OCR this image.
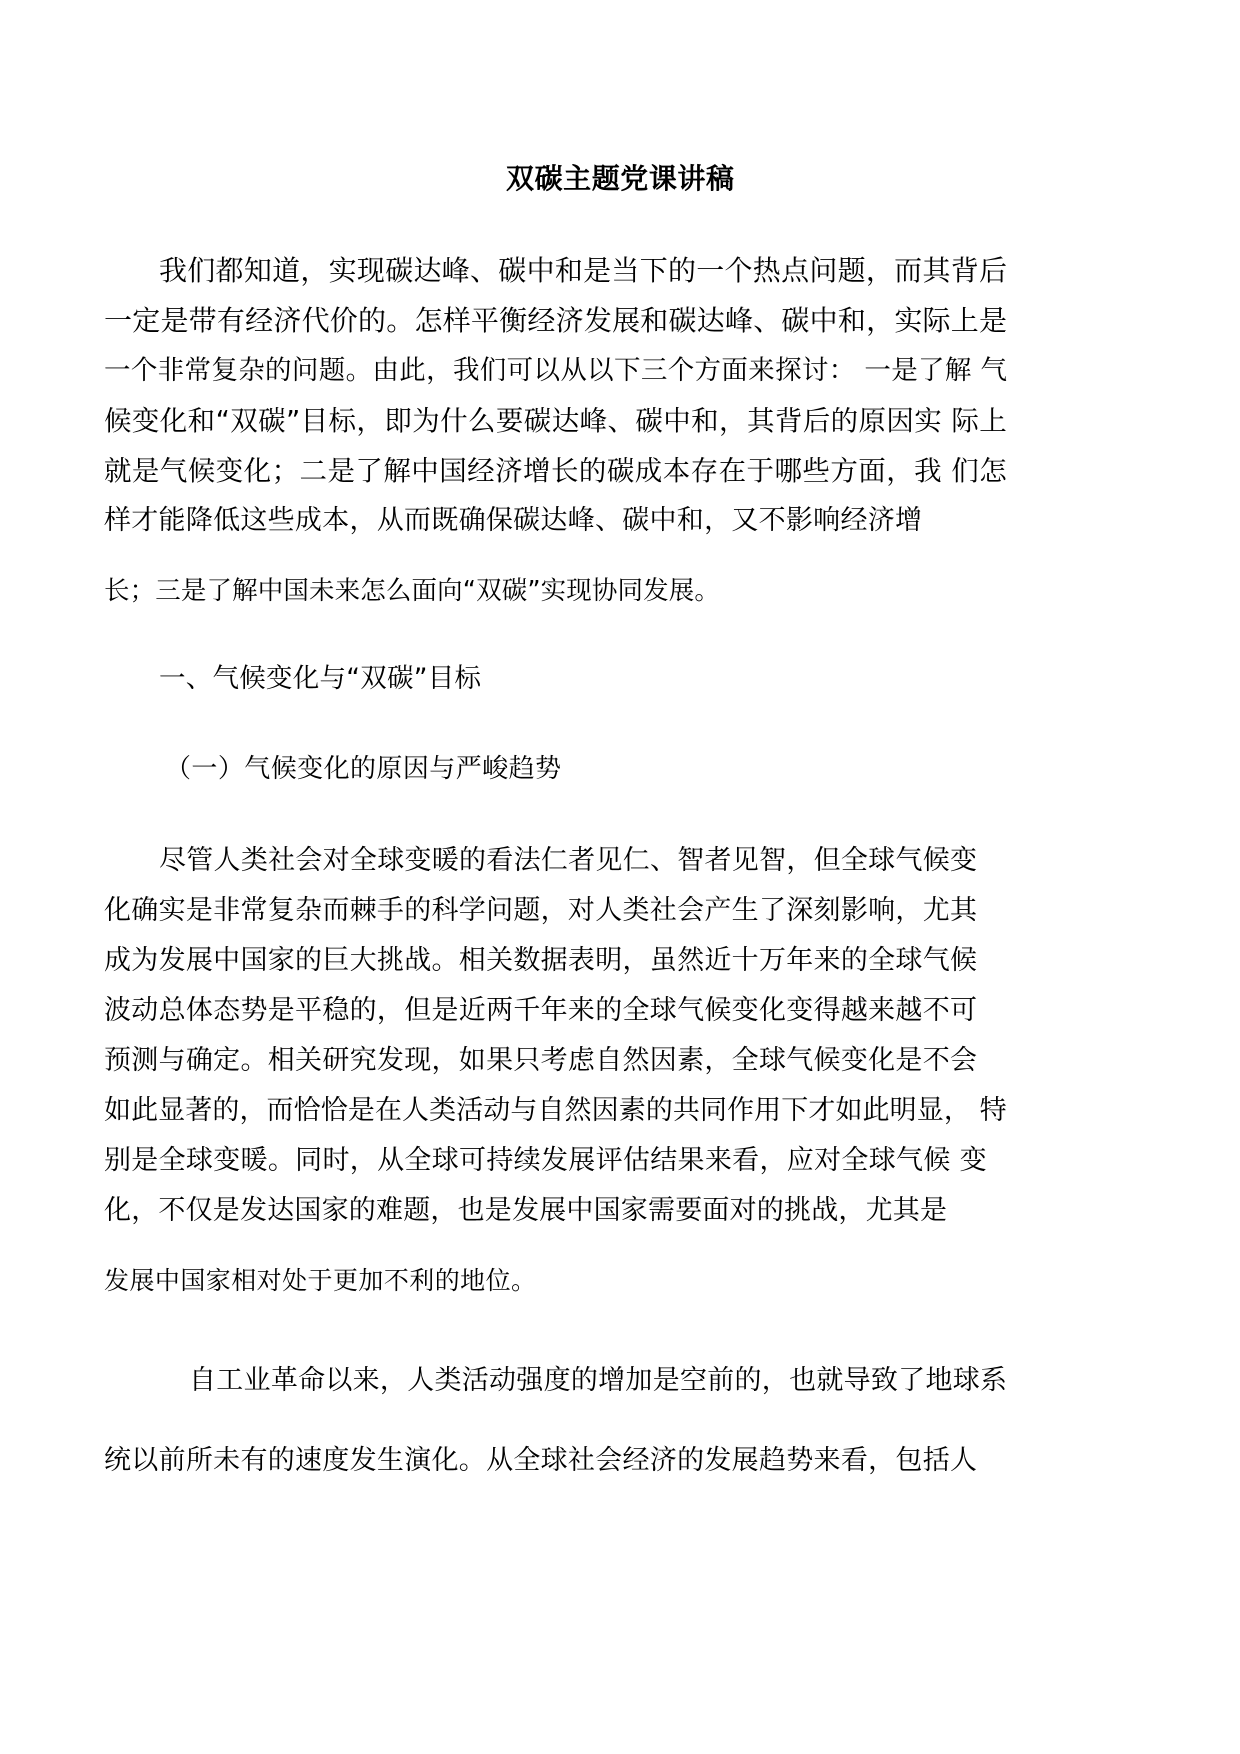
双碳主题党课讲稿
我们都知道，实现碳达峰、碳中和是当下的一个热点问题，而其背后
一定是带有经济代价的。怎样平衡经济发展和碳达峰、碳中和，实际上是
一个非常复杂的问题。由此，我们可以从以下三个方面来探讨： 一是了解 气
候变化和“双碳”目标，即为什么要碳达峰、碳中和，其背后的原因实 际上
就是气候变化；二是了解中国经济增长的碳成本存在于哪些方面，我 们怎
样才能降低这些成本，从而既确保碳达峰、碳中和，又不影响经济增
长；三是了解中国未来怎么面向“双碳”实现协同发展。
一、气候变化与“双碳”目标
（一）气候变化的原因与严峻趋势
尽管人类社会对全球变暖的看法仁者见仁、智者见智，但全球气候变
化确实是非常复杂而棘手的科学问题，对人类社会产生了深刻影响，尤其
成为发展中国家的巨大挑战。相关数据表明，虽然近十万年来的全球气候
波动总体态势是平稳的，但是近两千年来的全球气候变化变得越来越不可
预测与确定。相关研究发现，如果只考虑自然因素，全球气候变化是不会
如此显著的，而恰恰是在人类活动与自然因素的共同作用下才如此明显， 特
别是全球变暖。同时，从全球可持续发展评估结果来看，应对全球气候 变
化，不仅是发达国家的难题，也是发展中国家需要面对的挑战，尤其是
发展中国家相对处于更加不利的地位。
自工业革命以来，人类活动强度的增加是空前的，也就导致了地球系
统以前所未有的速度发生演化。从全球社会经济的发展趋势来看，包括人
